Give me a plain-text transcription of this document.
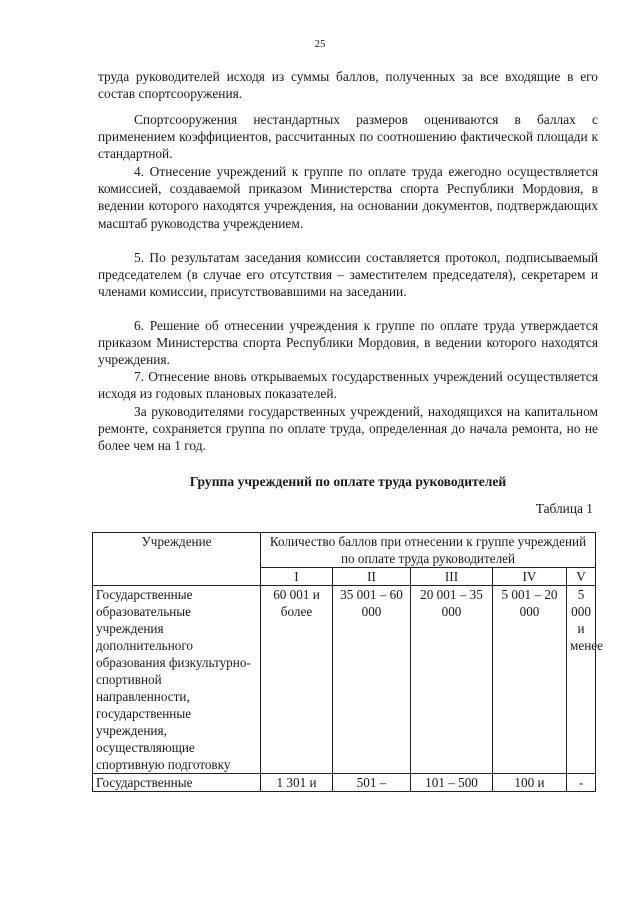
25

труда руководителей исходя из суммы баллов, полученных за все входящие в его состав спортсооружения.

Спортсооружения нестандартных размеров оцениваются в баллах с применением коэффициентов, рассчитанных по соотношению фактической площади к стандартной.

4. Отнесение учреждений к группе по оплате труда ежегодно осуществляется комиссией, создаваемой приказом Министерства спорта Республики Мордовия, в ведении которого находятся учреждения, на основании документов, подтверждающих масштаб руководства учреждением.

5. По результатам заседания комиссии составляется протокол, подписываемый председателем (в случае его отсутствия – заместителем председателя), секретарем и членами комиссии, присутствовавшими на заседании.

6. Решение об отнесении учреждения к группе по оплате труда утверждается приказом Министерства спорта Республики Мордовия, в ведении которого находятся учреждения.

7. Отнесение вновь открываемых государственных учреждений осуществляется исходя из годовых плановых показателей.

За руководителями государственных учреждений, находящихся на капитальном ремонте, сохраняется группа по оплате труда, определенная до начала ремонта, но не более чем на 1 год.

Группа учреждений по оплате труда руководителей
Таблица 1
Учреждение	Количество баллов при отнесении к группе учреждений по оплате труда руководителей				
	I	II	III	IV	V
Государственные образовательные учреждения дополнительного образования физкультурно-спортивной направленности, государственные учреждения, осуществляющие спортивную подготовку	60 001 и более	35 001 – 60 000	20 001 – 35 000	5 001 – 20 000	5 000 и менее
Государственные	1 301 и	501 –	101 – 500	100 и	-
